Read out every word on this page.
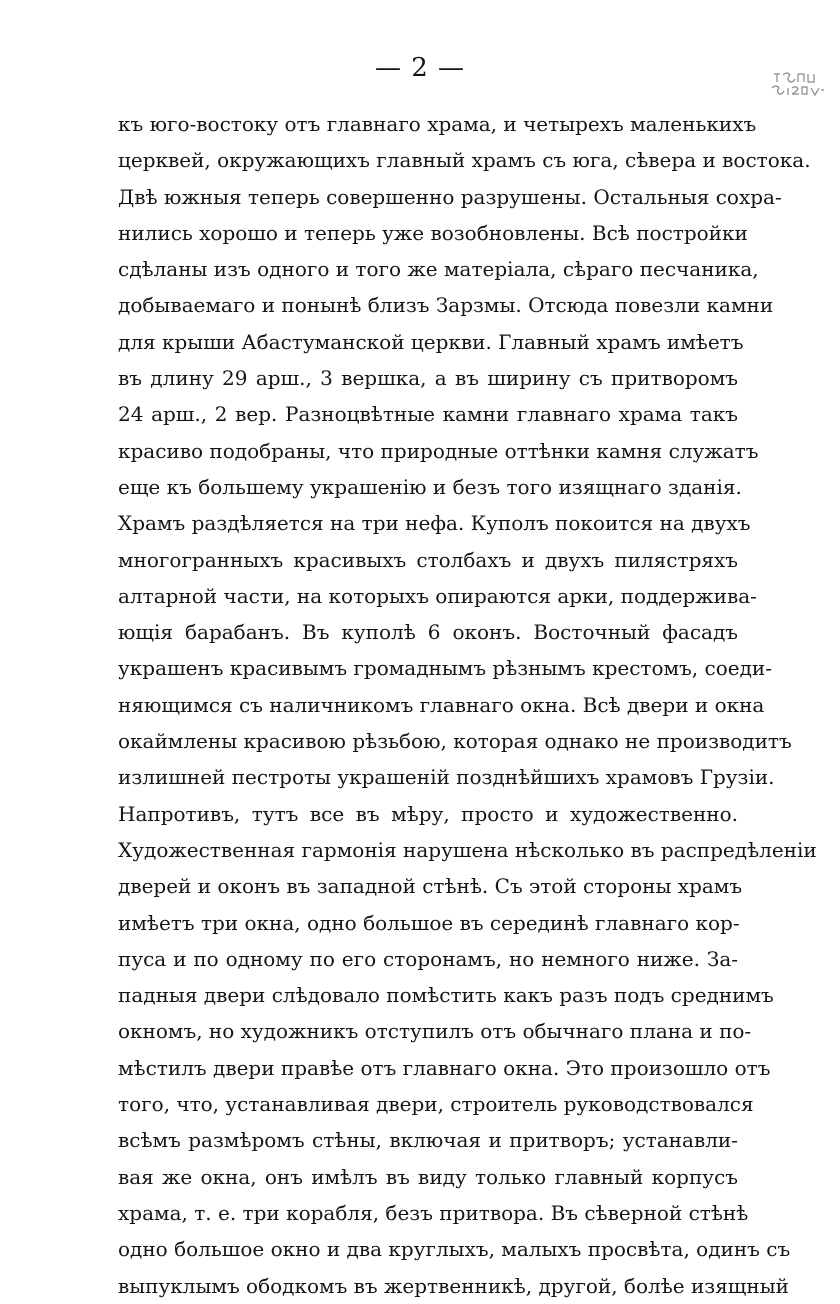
— 2 —
къ юго-востоку отъ главнаго храма, и четырехъ маленькихъ
церквей, окружающихъ главный храмъ съ юга, сѣвера и востока.
Двѣ южныя теперь совершенно разрушены. Остальныя сохра-
нились хорошо и теперь уже возобновлены. Всѣ постройки
сдѣланы изъ одного и того же матеріала, сѣраго песчаника,
добываемаго и понынѣ близъ Зарзмы. Отсюда повезли камни
для крыши Абастуманской церкви. Главный храмъ имѣетъ
въ длину 29 арш., 3 вершка, а въ ширину съ притворомъ
24 арш., 2 вер. Разноцвѣтные камни главнаго храма такъ
красиво подобраны, что природные оттѣнки камня служатъ
еще къ большему украшенію и безъ того изящнаго зданія.
Храмъ раздѣляется на три нефа. Куполъ покоится на двухъ
многогранныхъ красивыхъ столбахъ и двухъ пилястряхъ
алтарной части, на которыхъ опираются арки, поддержива-
ющія барабанъ. Въ куполѣ 6 оконъ. Восточный фасадъ
украшенъ красивымъ громаднымъ рѣзнымъ крестомъ, соеди-
няющимся съ наличникомъ главнаго окна. Всѣ двери и окна
окаймлены красивою рѣзьбою, которая однако не производитъ
излишней пестроты украшеній позднѣйшихъ храмовъ Грузіи.
Напротивъ, тутъ все въ мѣру, просто и художественно.
Художественная гармонія нарушена нѣсколько въ распредѣленіи
дверей и оконъ въ западной стѣнѣ. Съ этой стороны храмъ
имѣетъ три окна, одно большое въ серединѣ главнаго кор-
пуса и по одному по его сторонамъ, но немного ниже. За-
падныя двери слѣдовало помѣстить какъ разъ подъ среднимъ
окномъ, но художникъ отступилъ отъ обычнаго плана и по-
мѣстилъ двери правѣе отъ главнаго окна. Это произошло отъ
того, что, устанавливая двери, строитель руководствовался
всѣмъ размѣромъ стѣны, включая и притворъ; устанавли-
вая же окна, онъ имѣлъ въ виду только главный корпусъ
храма, т. е. три корабля, безъ притвора. Въ сѣверной стѣнѣ
одно большое окно и два круглыхъ, малыхъ просвѣта, одинъ съ
выпуклымъ ободкомъ въ жертвенникѣ, другой, болѣе изящный
